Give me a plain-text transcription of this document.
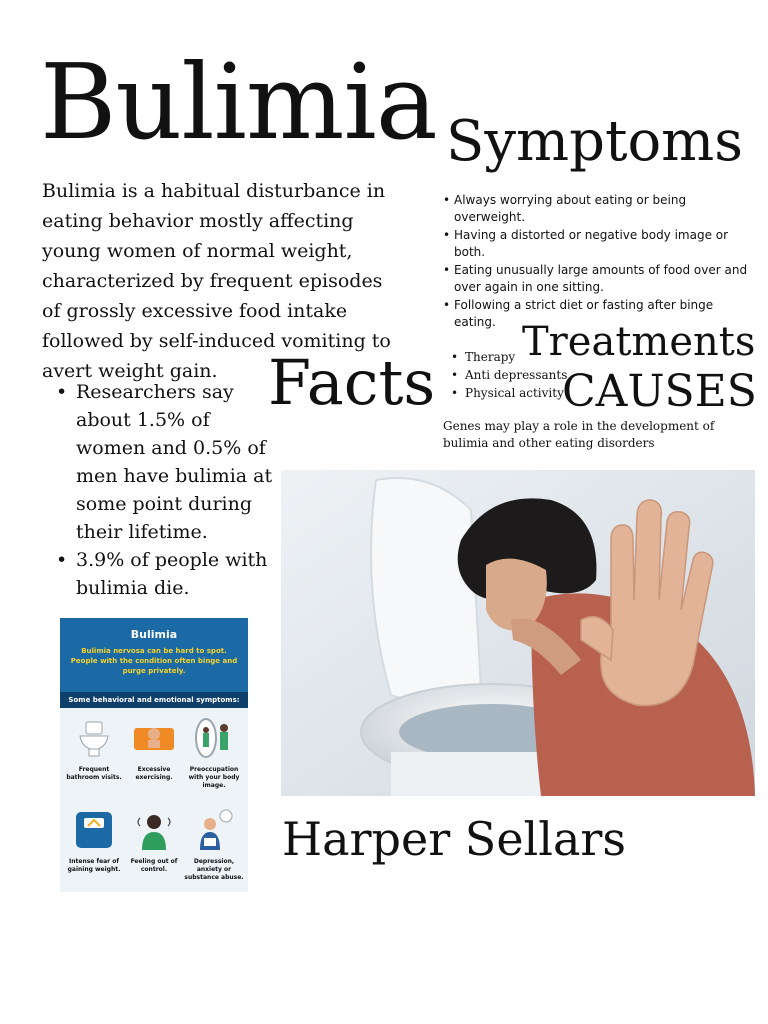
Bulimia

Bulimia is a habitual disturbance in eating behavior mostly affecting young women of normal weight, characterized by frequent episodes of grossly excessive food intake followed by self-induced vomiting to avert weight gain.

Symptoms
• Always worrying about eating or being overweight.
• Having a distorted or negative body image or both.
• Eating unusually large amounts of food over and over again in one sitting.
• Following a strict diet or fasting after binge eating. Treatments
• Therapy
• Anti depressants
• Physical activity
CAUSES

Genes may play a role in the development of bulimia and other eating disorders

Facts
• Researchers say about 1.5% of women and 0.5% of men have bulimia at some point during their lifetime.
• 3.9% of people with bulimia die.
Bulimia
Bulimia nervosa can be hard to spot. People with the condition often binge and purge privately.
Some behavioral and emotional symptoms:
Frequent bathroom visits.
Excessive exercising.
Preoccupation with your body image.
Intense fear of gaining weight.
Feeling out of control.
Depression, anxiety or substance abuse.
Harper Sellars
